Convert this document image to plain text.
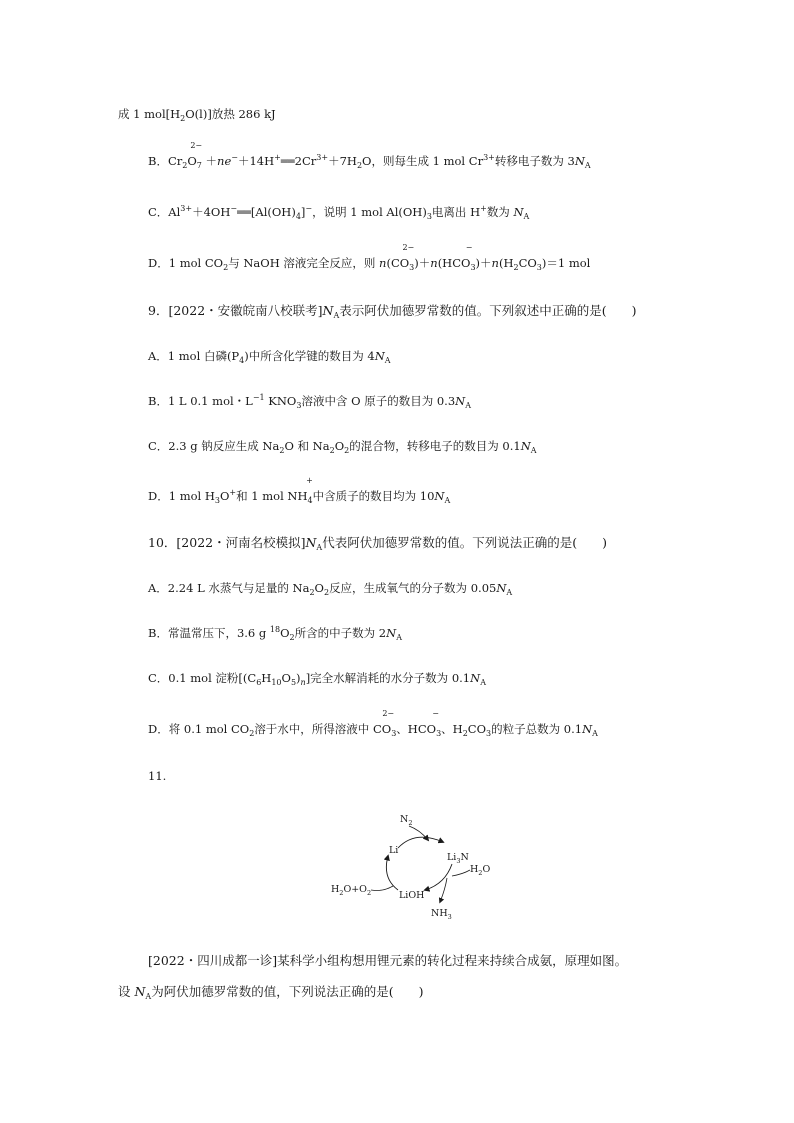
成 1 $mol[H_2O(l)]$放热 286 kJ
B．$Cr_2O$
2−
$_7 +ne^-+14H^+══2Cr^{3+}+7H_2O$，则每生成 1 mol $Cr^{3+}$转移电子数为 $3N_A$
C．$Al^{3+}+4OH^-══[Al(OH)_4]^-$，说明 1 mol $Al(OH)_3$电离出 H+数为 $N_A$
D．1 mol $CO_2$与 NaOH 溶液完全反应，则 n(CO
2−
$_3$)＋n(HCO
−
$_3)+n(H_2CO_3)=1$ mol
9．[2022・安徽皖南八校联考]$N_A$表示阿伏加德罗常数的值。下列叙述中正确的是(　　)
A．1 mol 白磷$(P_4)$中所含化学键的数目为 $4N_A$
B．1 L 0.1 mol・$L^{-1}$ $KNO_3$溶液中含 O 原子的数目为 $0.3N_A$
C．2.3 g 钠反应生成 $Na_2O$ 和 $Na_2O_2$的混合物，转移电子的数目为 $0.1N_A$
D．1 mol $H_3O^+$和 1 mol NH
+
$_4$中含质子的数目均为 $10N_A$
10．[2022・河南名校模拟]$N_A$代表阿伏加德罗常数的值。下列说法正确的是(　　)
A．2.24 L 水蒸气与足量的 $Na_2O_2$反应，生成氧气的分子数为 $0.05N_A$
B．常温常压下，3.6 g $^{18}O_2$所含的中子数为 $2N_A$
C．0.1 mol 淀粉$[(C_6H_{10}O_5)_n]$完全水解消耗的水分子数为 $0.1N_A$
D．将 0.1 mol $CO_2$溶于水中，所得溶液中 CO
2−
$_3$、HCO
−
$_3$、$H_2CO_3$的粒子总数为 $0.1N_A$
11.
$N_2$
Li
$Li_3N$
$H_2O$
$H_2O+O_2$	LiOH
$NH_3$
[2022・四川成都一诊]某科学小组构想用锂元素的转化过程来持续合成氨，原理如图。
设 $N_A$为阿伏加德罗常数的值，下列说法正确的是(　　)
